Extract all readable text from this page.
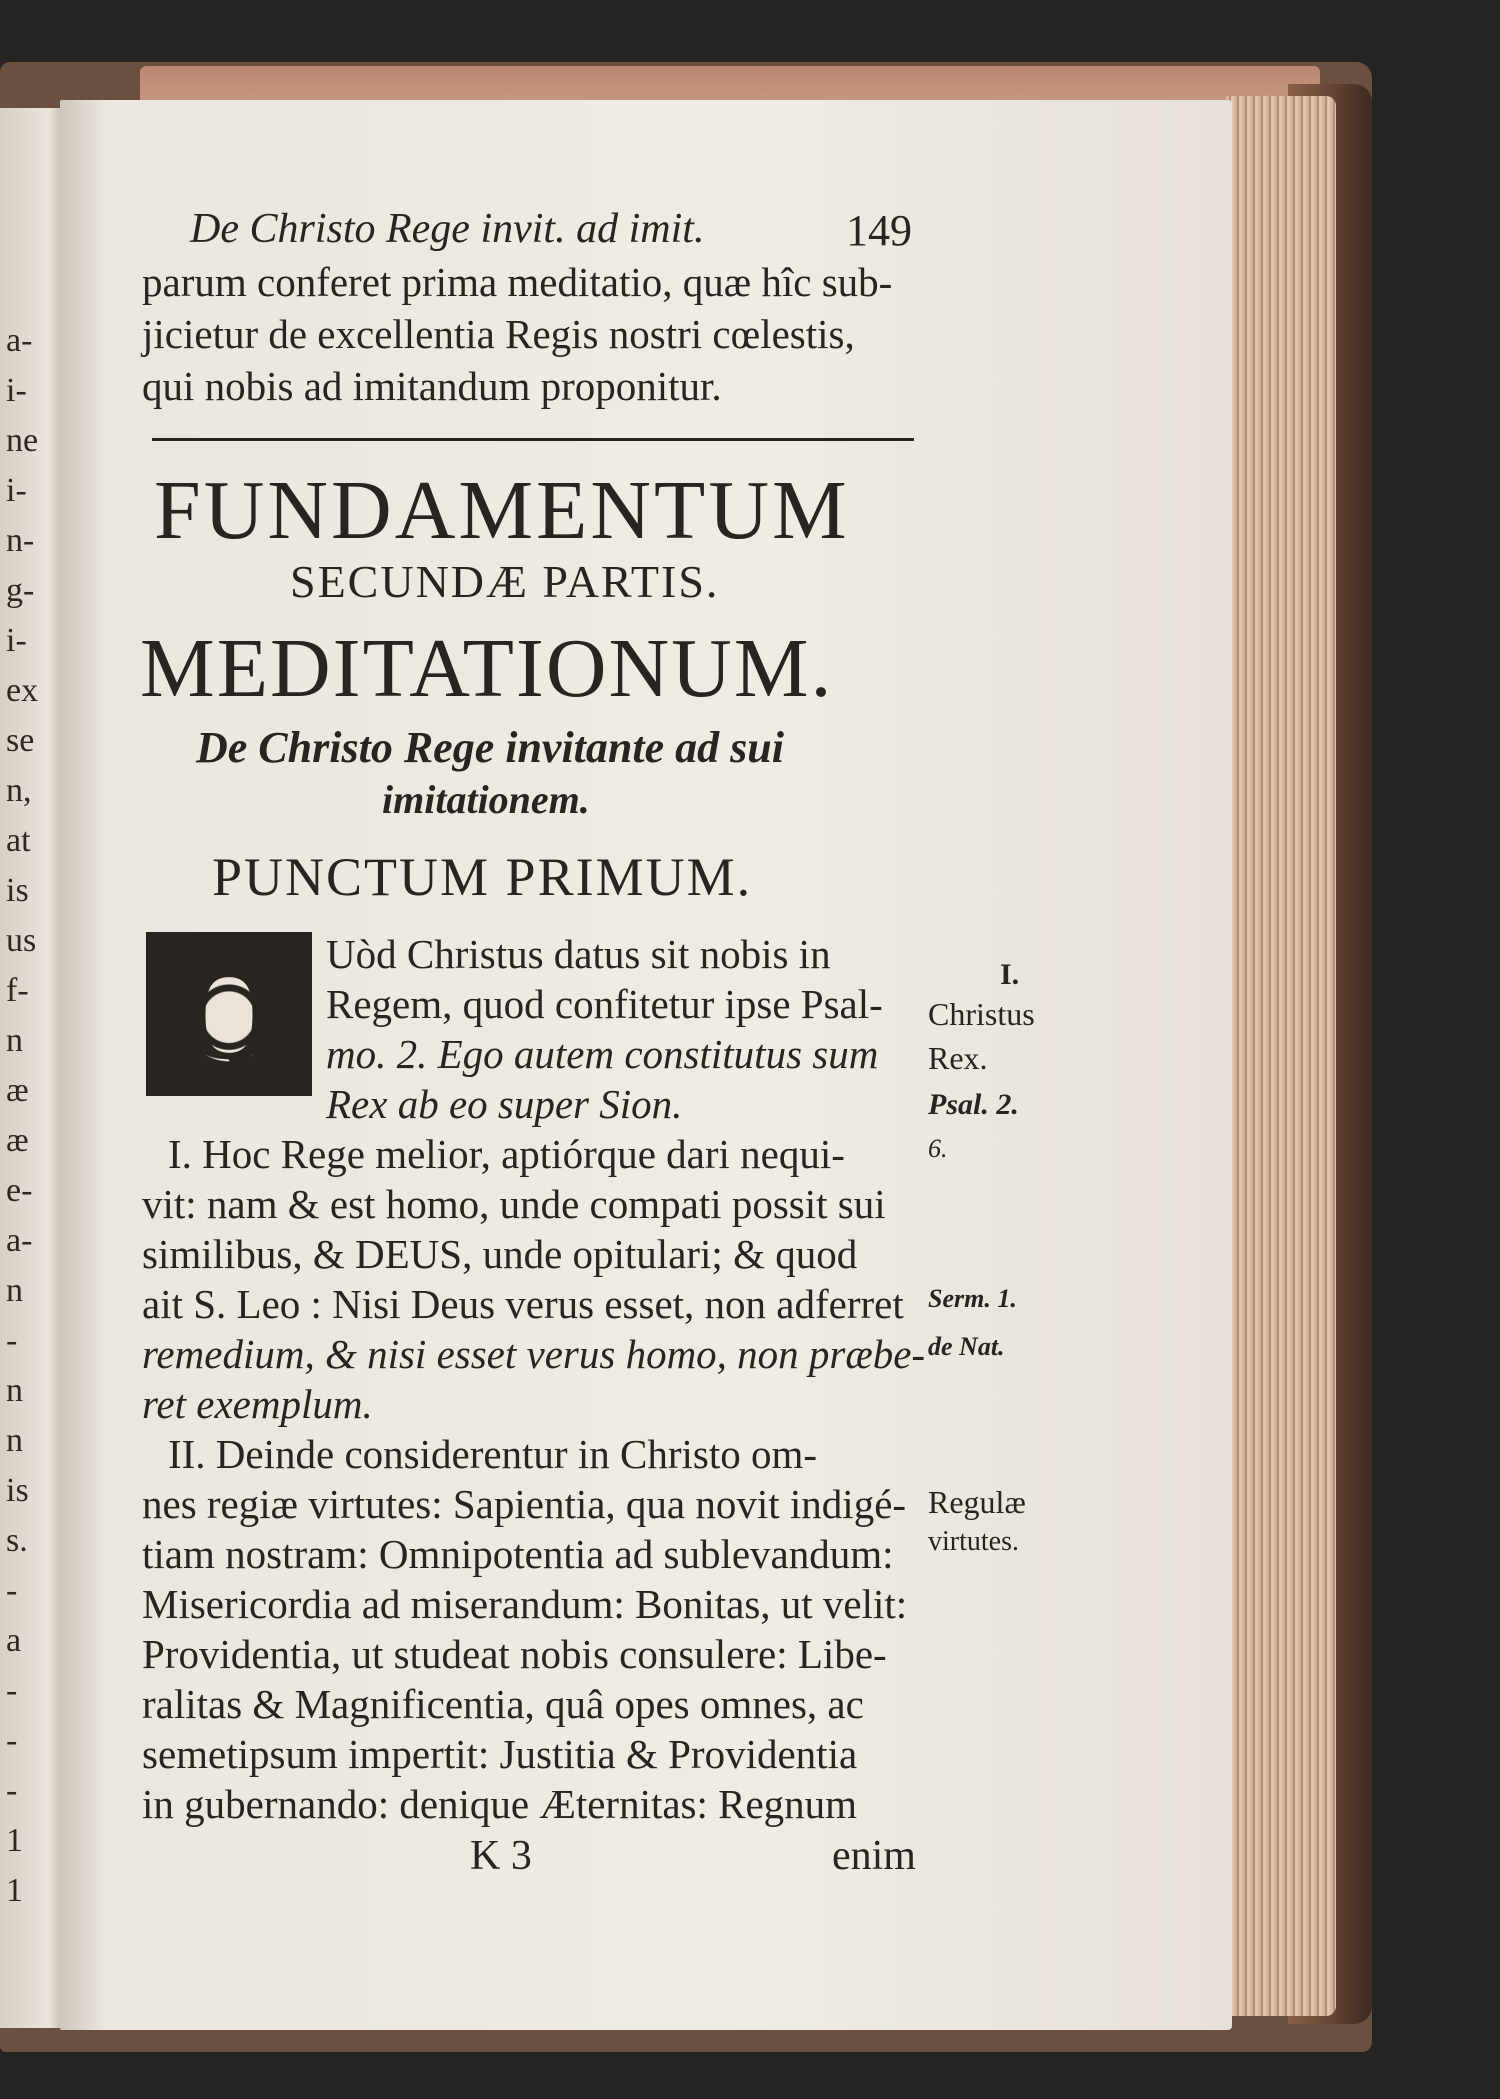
a-
i-
ne
i-
n-
g-
i-
ex
se
n,
at
is
us
f-
n
æ
æ
e-
a-
n
-
n
n
is
s.
-
a
-
-
-
1
1
De Christo Rege invit. ad imit.	149
parum conferet prima meditatio, quæ hîc sub-
jicietur de excellentia Regis nostri cœlestis,
qui nobis ad imitandum proponitur.
FUNDAMENTUM
SECUNDÆ PARTIS.
MEDITATIONUM.
De Christo Rege invitante ad sui
imitationem.
PUNCTUM PRIMUM.
Q	Uòd Christus datus sit nobis in
Regem, quod confitetur ipse Psal-
mo. 2. Ego autem constitutus sum
Rex ab eo super Sion.
I. Hoc Rege melior, aptiórque dari nequi-
vit: nam & est homo, unde compati possit sui
similibus, & DEUS, unde opitulari; & quod
ait S. Leo : Nisi Deus verus esset, non adferret
remedium, & nisi esset verus homo, non præbe-
ret exemplum.
II. Deinde considerentur in Christo om-
nes regiæ virtutes: Sapientia, qua novit indigé-
tiam nostram: Omnipotentia ad sublevandum:
Misericordia ad miserandum: Bonitas, ut velit:
Providentia, ut studeat nobis consulere: Libe-
ralitas & Magnificentia, quâ opes omnes, ac
semetipsum impertit: Justitia & Providentia
in gubernando: denique Æternitas: Regnum
K 3	enim
I.
Christus
Rex.
Psal. 2.
6.
Serm. 1.
de Nat.
Regulæ
virtutes.
